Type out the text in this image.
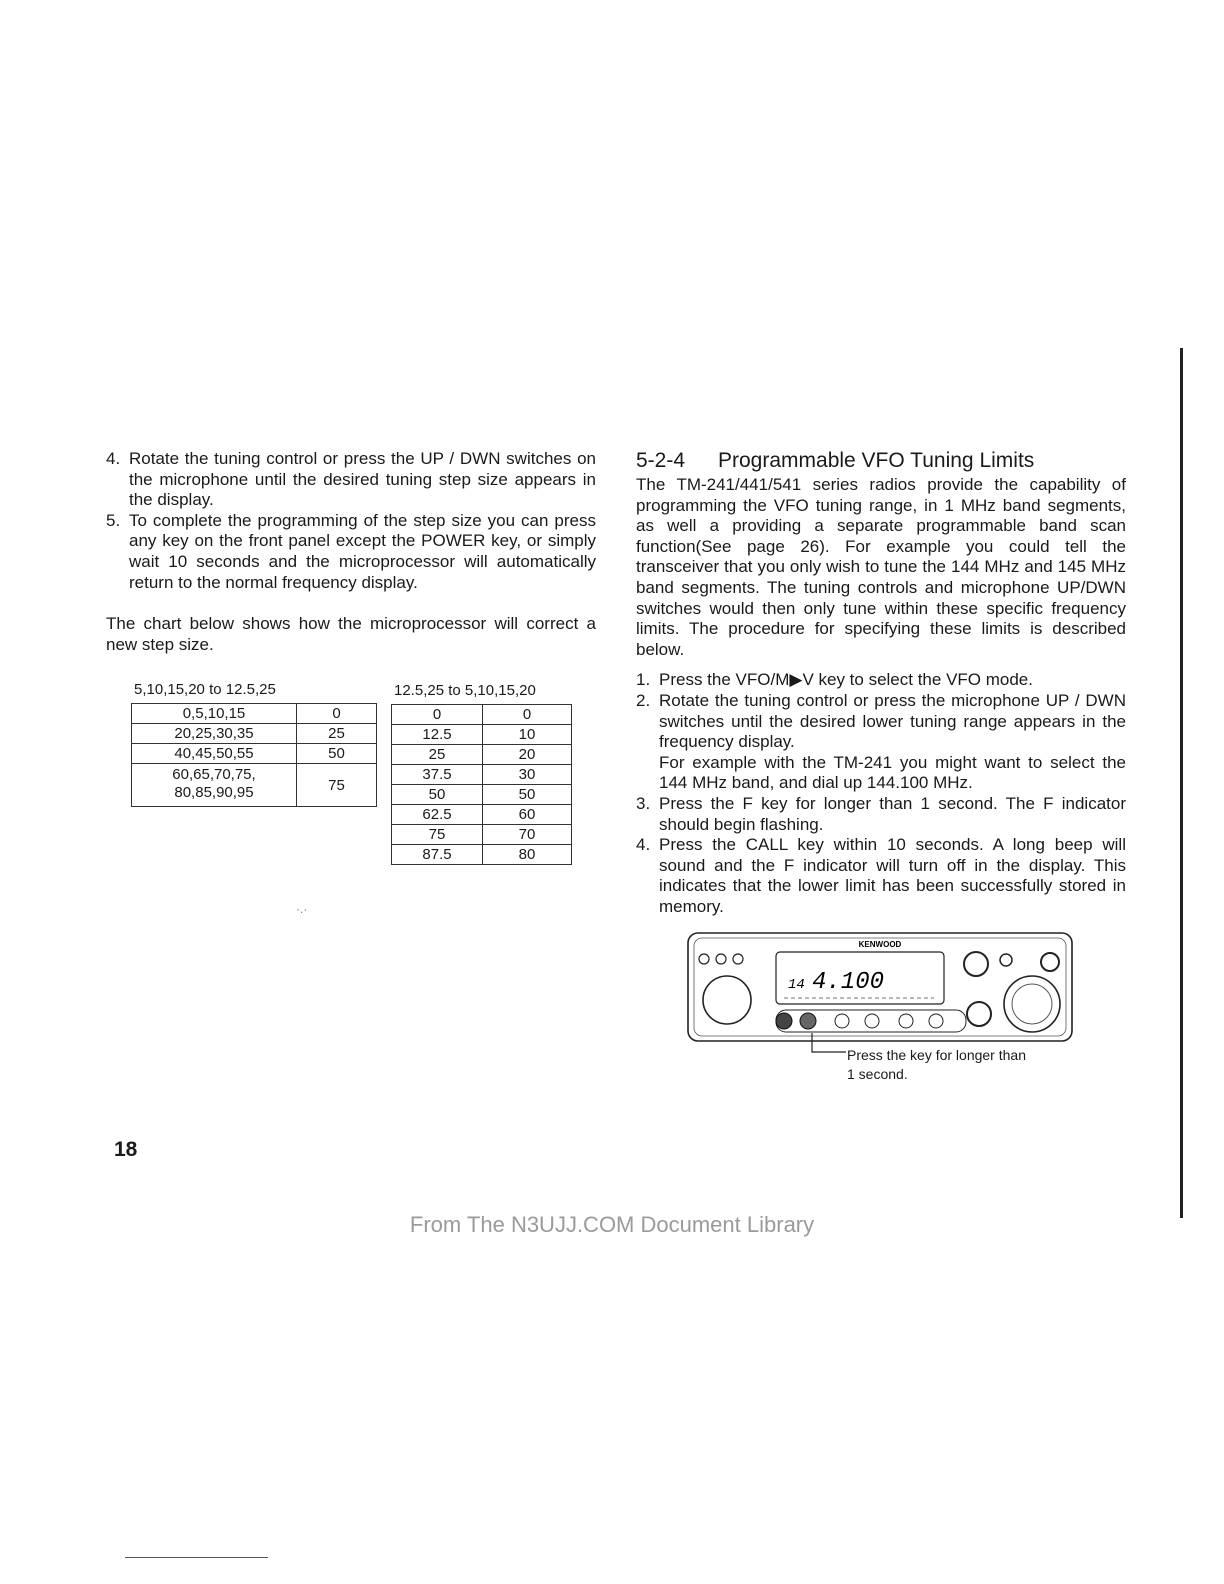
4. Rotate the tuning control or press the UP / DWN switches on the microphone until the desired tuning step size appears in the display.
5. To complete the programming of the step size you can press any key on the front panel except the POWER key, or simply wait 10 seconds and the microprocessor will automatically return to the normal frequency display.

The chart below shows how the microprocessor will correct a new step size.

5,10,15,20 to 12.5,25	12.5,25 to 5,10,15,20
0,5,10,15	0
20,25,30,35	25
40,45,50,55	50

60,65,70,75,
80,85,90,95	75
0	0
12.5	10
25	20
37.5	30
50	50
62.5	60
75	70
87.5	80
5-2-4 Programmable VFO Tuning Limits

The TM-241/441/541 series radios provide the capability of programming the VFO tuning range, in 1 MHz band segments, as well a providing a separate programmable band scan function(See page 26). For example you could tell the transceiver that you only wish to tune the 144 MHz and 145 MHz band segments. The tuning controls and microphone UP/DWN switches would then only tune within these specific frequency limits. The procedure for specifying these limits is described below.

1. Press the VFO/M▶V key to select the VFO mode.
2. Rotate the tuning control or press the microphone UP / DWN switches until the desired lower tuning range appears in the frequency display.
For example with the TM-241 you might want to select the 144 MHz band, and dial up 144.100 MHz.
3. Press the F key for longer than 1 second. The F indicator should begin flashing.
4. Press the CALL key within 10 seconds. A long beep will sound and the F indicator will turn off in the display. This indicates that the lower limit has been successfully stored in memory.
KENWOOD
14 4.100
Press the key for longer than
1 second.
·.·
18
From The N3UJJ.COM Document Library
